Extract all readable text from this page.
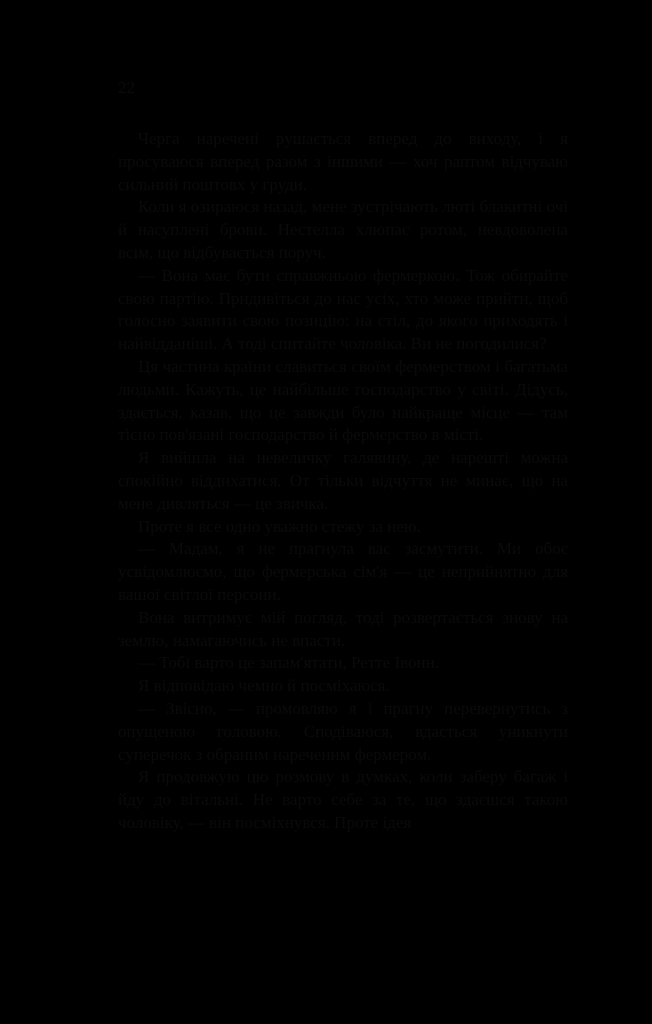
22

Черга наречені рушається вперед до виходу, і я просуваюся вперед разом з іншими — хоч раптом відчуваю сильний поштовх у груди.

Коли я озираюся назад, мене зустрічають люті блакитні очі й насуплені брови. Нестелла хлюпає ротом, невдоволена всім, що відбувається поруч.

— Вона має бути справжньою фермеркою. Тож обирайте свою партію. Придивіться до нас усіх, хто може прийти, щоб голосно заявити свою позицію: на стіл, до якого приходять і найвідданіші. А тоді спитайте чоловіка. Ви не погодилися?

Ця частина країни славиться своїм фермерством і багатьма людьми. Кажуть, це найбільше господарство у світі. Дідусь, здається, казав, що це завжди було найкраще місце — там тісно пов'язані господарство й фермерство в місті.

Я вийшла на невеличку галявину, де нарешті можна спокійно віддихатися. От тільки відчуття не минає, що на мене дивляться — це звичка.

Проте я все одно уважно стежу за нею.

— Мадам, я не прагнула вас засмутити. Ми обоє усвідомлюємо, що фермерська сім'я — це неприйнятно для вашої світлої персони.

Вона витримує мій погляд, тоді розвертається знову на землю, намагаючись не впасти.

— Тобі варто це запам'ятати, Ретте Івонн.

Я відповідаю чемно й посміхаюся.

— Звісно, — промовляю я і прагну перевернутись з опущеною головою. Сподіваюся, вдасться уникнути суперечок з обраним нареченим фермером.

Я продовжую цю розмову в думках, коли заберу багаж і йду до вітальні. Не варто себе за те, що здаєшся такою чоловіку, — він посміхнувся. Проте ідея
